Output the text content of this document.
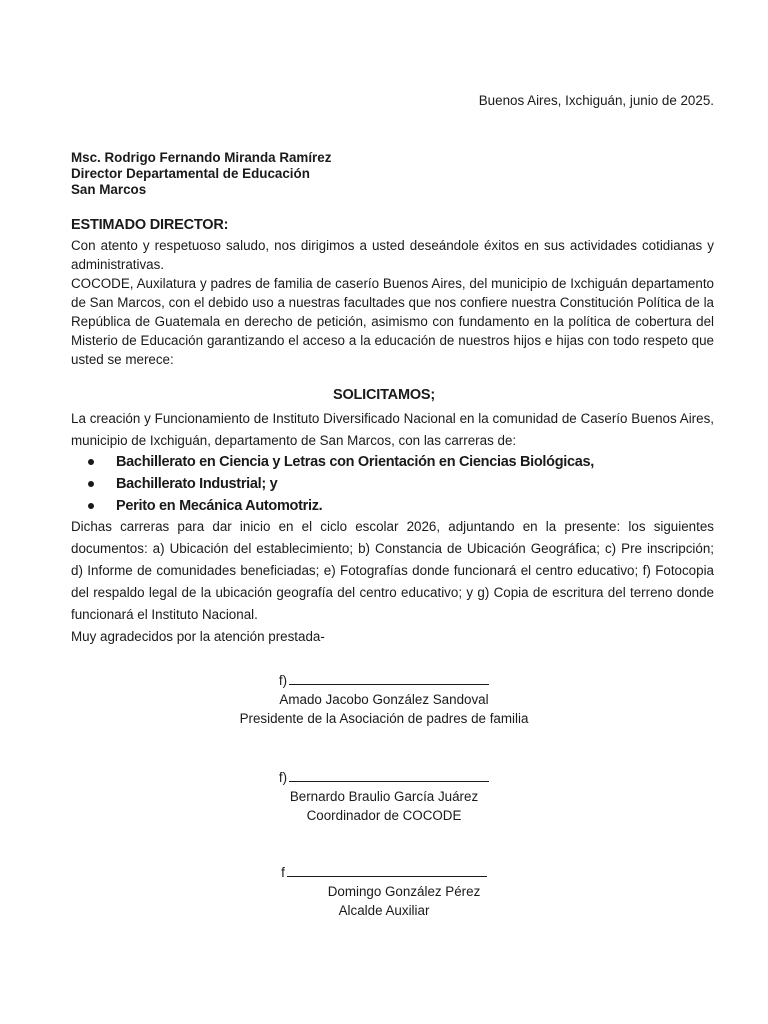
Buenos Aires, Ixchiguán, junio de 2025.
Msc. Rodrigo Fernando Miranda Ramírez
Director Departamental de Educación
San Marcos
ESTIMADO DIRECTOR:

Con atento y respetuoso saludo, nos dirigimos a usted deseándole éxitos en sus actividades cotidianas y administrativas.

COCODE, Auxilatura y padres de familia de caserío Buenos Aires, del municipio de Ixchiguán departamento de San Marcos, con el debido uso a nuestras facultades que nos confiere nuestra Constitución Política de la República de Guatemala en derecho de petición, asimismo con fundamento en la política de cobertura del Misterio de Educación garantizando el acceso a la educación de nuestros hijos e hijas con todo respeto que usted se merece:

SOLICITAMOS;
La creación y Funcionamiento de Instituto Diversificado Nacional en la comunidad de Caserío Buenos Aires, municipio de Ixchiguán, departamento de San Marcos, con las carreras de:
Bachillerato en Ciencia y Letras con Orientación en Ciencias Biológicas,
Bachillerato Industrial; y
Perito en Mecánica Automotriz.

Dichas carreras para dar inicio en el ciclo escolar 2026, adjuntando en la presente: los siguientes documentos: a) Ubicación del establecimiento; b) Constancia de Ubicación Geográfica; c) Pre inscripción; d) Informe de comunidades beneficiadas; e) Fotografías donde funcionará el centro educativo; f) Fotocopia del respaldo legal de la ubicación geografía del centro educativo; y g) Copia de escritura del terreno donde funcionará el Instituto Nacional.

Muy agradecidos por la atención prestada-

f)
Amado Jacobo González Sandoval
Presidente de la Asociación de padres de familia
f)
Bernardo Braulio García Juárez
Coordinador de COCODE
f
Domingo González Pérez
Alcalde Auxiliar
